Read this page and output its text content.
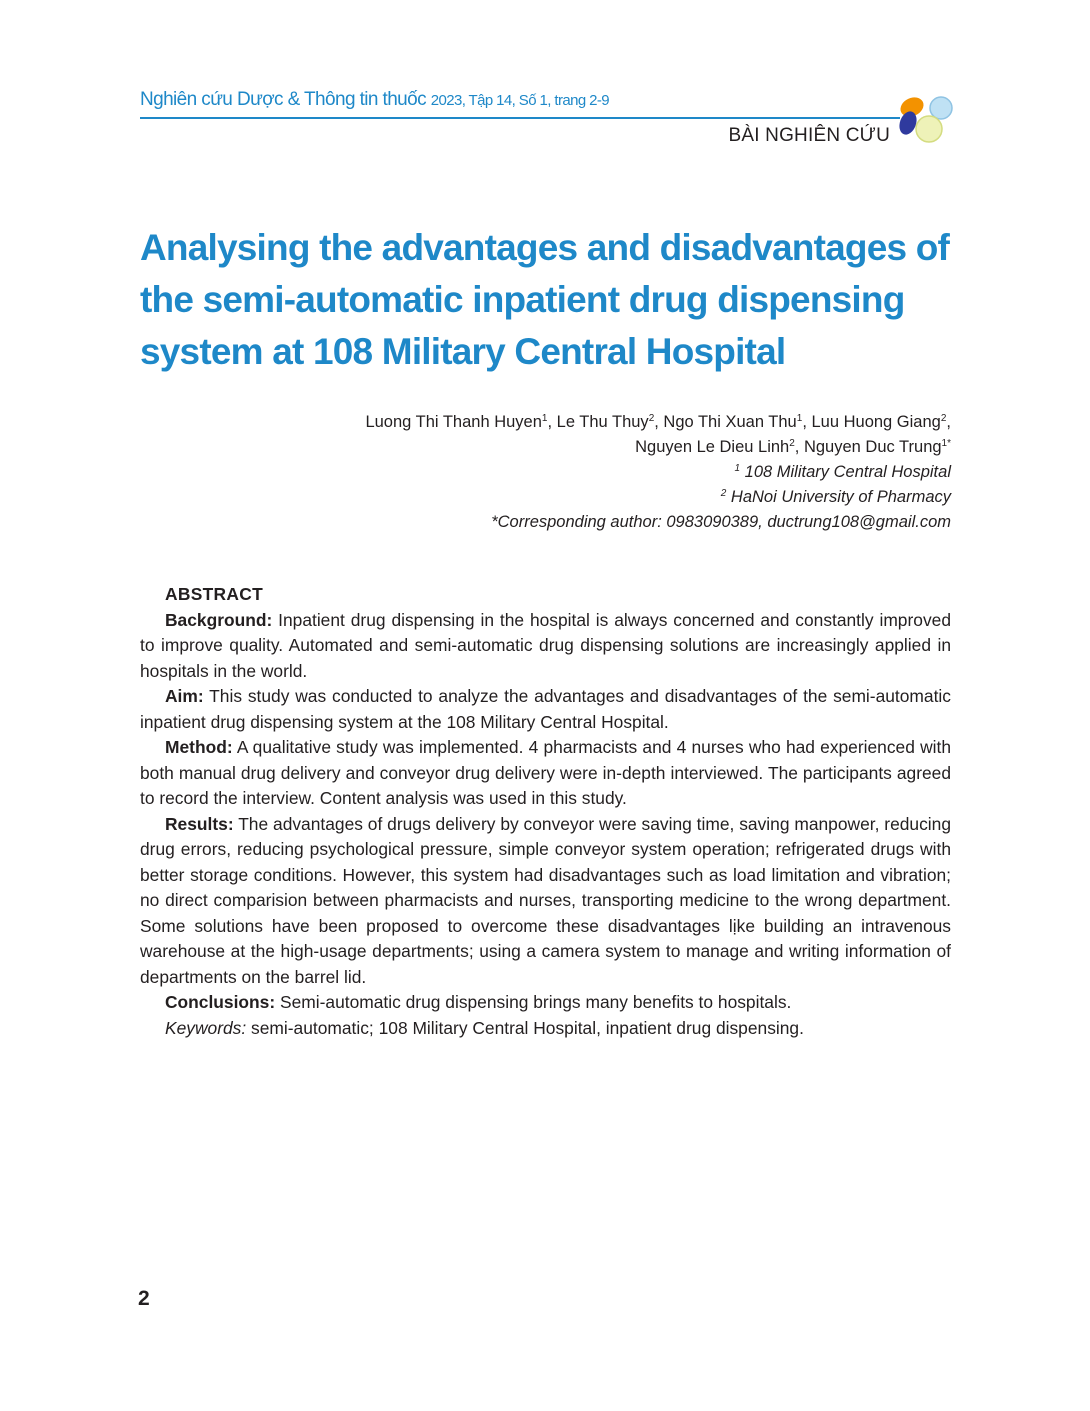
Nghiên cứu Dược & Thông tin thuốc 2023, Tập 14, Số 1, trang 2-9
BÀI NGHIÊN CỨU
Analysing the advantages and disadvantages of
the semi-automatic inpatient drug dispensing
system at 108 Military Central Hospital
Luong Thi Thanh Huyen$^1$, Le Thu Thuy$^2$, Ngo Thi Xuan Thu$^1$, Luu Huong Giang$^2$,
Nguyen Le Dieu Linh$^2$, Nguyen Duc Trung$^{1*}$
$^1$ 108 Military Central Hospital
$^2$ HaNoi University of Pharmacy
*Corresponding author: 0983090389, ductrung108@gmail.com

ABSTRACT

Background: Inpatient drug dispensing in the hospital is always concerned and constantly improved to improve quality. Automated and semi-automatic drug dispensing solutions are increasingly applied in hospitals in the world.

Aim: This study was conducted to analyze the advantages and disadvantages of the semi-automatic inpatient drug dispensing system at the 108 Military Central Hospital.

Method: A qualitative study was implemented. 4 pharmacists and 4 nurses who had experienced with both manual drug delivery and conveyor drug delivery were in-depth interviewed. The participants agreed to record the interview. Content analysis was used in this study.

Results: The advantages of drugs delivery by conveyor were saving time, saving manpower, reducing drug errors, reducing psychological pressure, simple conveyor system operation; refrigerated drugs with better storage conditions. However, this system had disadvantages such as load limitation and vibration; no direct comparision between pharmacists and nurses, transporting medicine to the wrong department. Some solutions have been proposed to overcome these disadvantages lịke building an intravenous warehouse at the high-usage departments; using a camera system to manage and writing information of departments on the barrel lid.

Conclusions: Semi-automatic drug dispensing brings many benefits to hospitals.

Keywords: semi-automatic; 108 Military Central Hospital, inpatient drug dispensing.

2
